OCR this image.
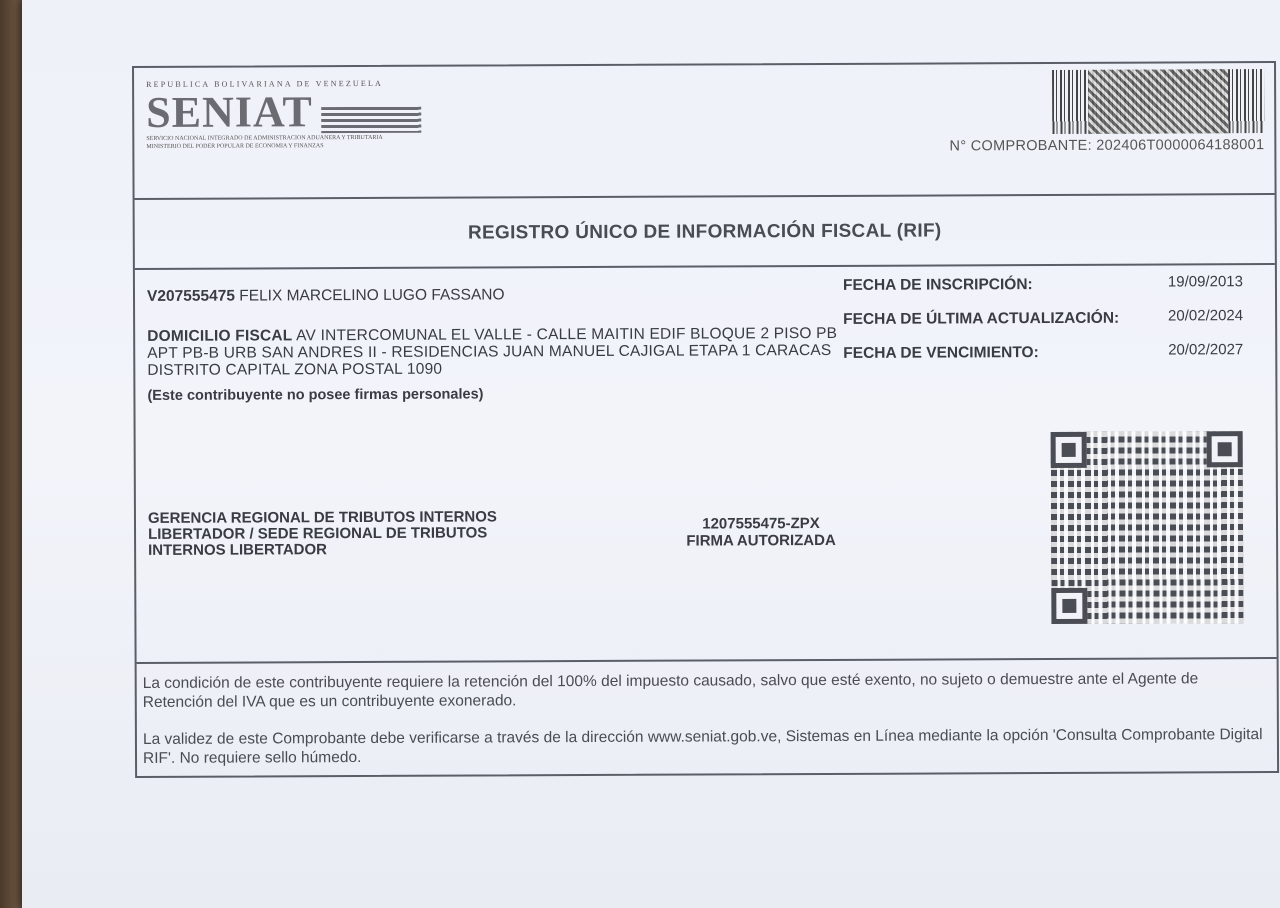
REPUBLICA BOLIVARIANA DE VENEZUELA
SENIAT
SERVICIO NACIONAL INTEGRADO DE ADMINISTRACION ADUANERA Y TRIBUTARIA
MINISTERIO DEL PODER POPULAR DE ECONOMIA Y FINANZAS	N° COMPROBANTE: 202406T0000064188001
REGISTRO ÚNICO DE INFORMACIÓN FISCAL (RIF)
V207555475 FELIX MARCELINO LUGO FASSANO
DOMICILIO FISCAL AV INTERCOMUNAL EL VALLE - CALLE MAITIN EDIF BLOQUE 2 PISO PB APT PB-B URB SAN ANDRES II - RESIDENCIAS JUAN MANUEL CAJIGAL ETAPA 1 CARACAS DISTRITO CAPITAL ZONA POSTAL 1090
(Este contribuyente no posee firmas personales)
FECHA DE INSCRIPCIÓN:	19/09/2013
FECHA DE ÚLTIMA ACTUALIZACIÓN:	20/02/2024
FECHA DE VENCIMIENTO:	20/02/2027
GERENCIA REGIONAL DE TRIBUTOS INTERNOS LIBERTADOR / SEDE REGIONAL DE TRIBUTOS INTERNOS LIBERTADOR
1207555475-ZPX
FIRMA AUTORIZADA

La condición de este contribuyente requiere la retención del 100% del impuesto causado, salvo que esté exento, no sujeto o demuestre ante el Agente de Retención del IVA que es un contribuyente exonerado.

La validez de este Comprobante debe verificarse a través de la dirección www.seniat.gob.ve, Sistemas en Línea mediante la opción 'Consulta Comprobante Digital RIF'. No requiere sello húmedo.
